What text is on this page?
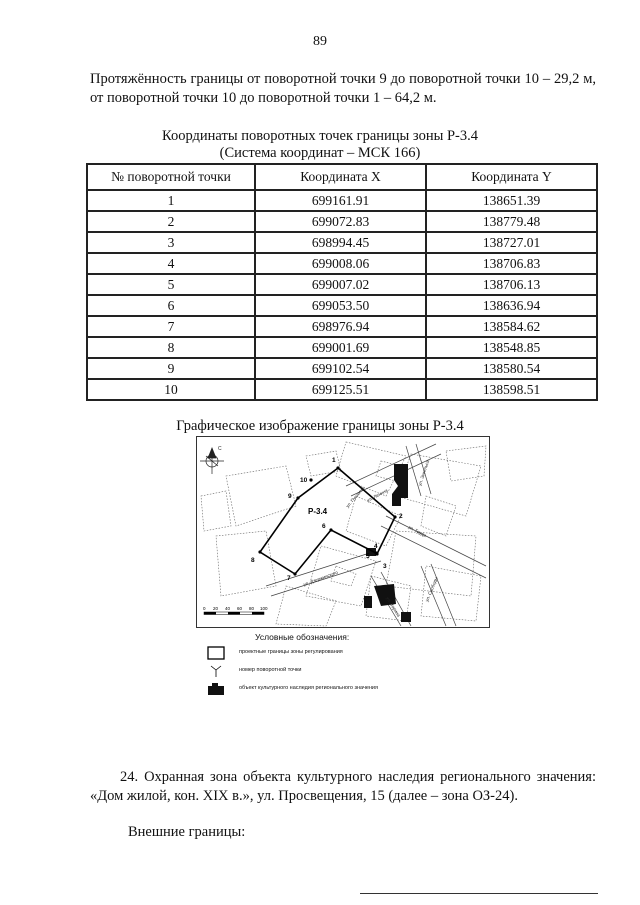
89
Протяжённость границы от поворотной точки 9 до поворотной точки 10 – 29,2 м, от поворотной точки 10 до поворотной точки 1 – 64,2 м.
Координаты поворотных точек границы зоны Р-3.4
(Система координат – МСК 166)
№ поворотной точки	Координата X	Координата Y
1	699161.91	138651.39
2	699072.83	138779.48
3	698994.45	138727.01
4	699008.06	138706.83
5	699007.02	138706.13
6	699053.50	138636.94
7	698976.94	138584.62
8	699001.69	138548.85
9	699102.54	138580.54
10	699125.51	138598.51
Графическое изображение границы зоны Р-3.4
1
2
3
4
5
6
7
8
9
10
Р-3.4
ул. Пушкина ул. Ленина
ул. Труда
ул. Энгельса
ул. Свободы
ул. Дзержинского
ул. Зорина
С
0 20 40 60 80 100
Условные обозначения:
проектные границы зоны регулирования
номер поворотной точки
объект культурного наследия регионального значения
24. Охранная зона объекта культурного наследия регионального значения: «Дом жилой, кон. XIX в.», ул. Просвещения, 15 (далее – зона ОЗ-24).
Внешние границы:
